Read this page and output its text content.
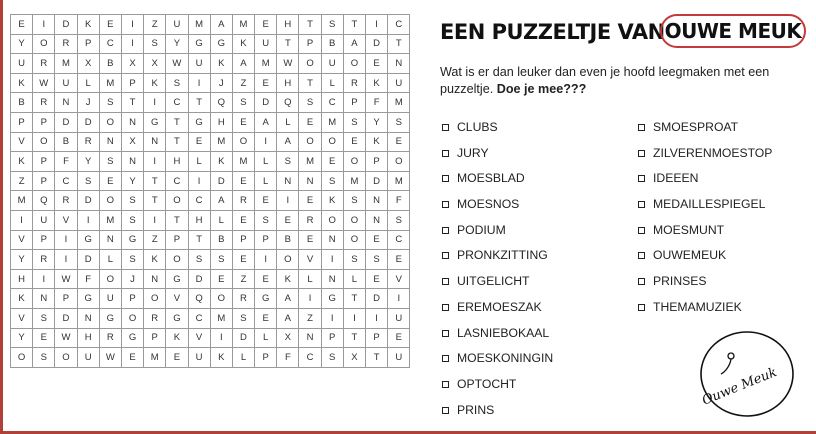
E	I	D	K	E	I	Z	U	M	A	M	E	H	T	S	T	I	C
Y	O	R	P	C	I	S	Y	G	G	K	U	T	P	B	A	D	T
U	R	M	X	B	X	X	W	U	K	A	M	W	O	U	O	E	N
K	W	U	L	M	P	K	S	I	J	Z	E	H	T	L	R	K	U
B	R	N	J	S	T	I	C	T	Q	S	D	Q	S	C	P	F	M
P	P	D	D	O	N	G	T	G	H	E	A	L	E	M	S	Y	S
V	O	B	R	N	X	N	T	E	M	O	I	A	O	O	E	K	E
K	P	F	Y	S	N	I	H	L	K	M	L	S	M	E	O	P	O
Z	P	C	S	E	Y	T	C	I	D	E	L	N	N	S	M	D	M
M	Q	R	D	O	S	T	O	C	A	R	E	I	E	K	S	N	F
I	U	V	I	M	S	I	T	H	L	E	S	E	R	O	O	N	S
V	P	I	G	N	G	Z	P	T	B	P	P	B	E	N	O	E	C
Y	R	I	D	L	S	K	O	S	S	E	I	O	V	I	S	S	E
H	I	W	F	O	J	N	G	D	E	Z	E	K	L	N	L	E	V
K	N	P	G	U	P	O	V	Q	O	R	G	A	I	G	T	D	I
V	S	D	N	G	O	R	G	C	M	S	E	A	Z	I	I	I	U
Y	E	W	H	R	G	P	K	V	I	D	L	X	N	P	T	P	E
O	S	O	U	W	E	M	E	U	K	L	P	F	C	S	X	T	U
EEN PUZZELTJE VAN OUWE MEUK
Wat is er dan leuker dan even je hoofd leegmaken met een puzzeltje. Doe je mee???
CLUBS
JURY
MOESBLAD
MOESNOS
PODIUM
PRONKZITTING
UITGELICHT
EREMOESZAK
LASNIEBOKAAL
MOESKONINGIN
OPTOCHT
PRINS
SMOESPROAT
ZILVERENMOESTOP
IDEEEN
MEDAILLESPIEGEL
MOESMUNT
OUWEMEUK
PRINSES
THEMAMUZIEK
Ouwe Meuk
